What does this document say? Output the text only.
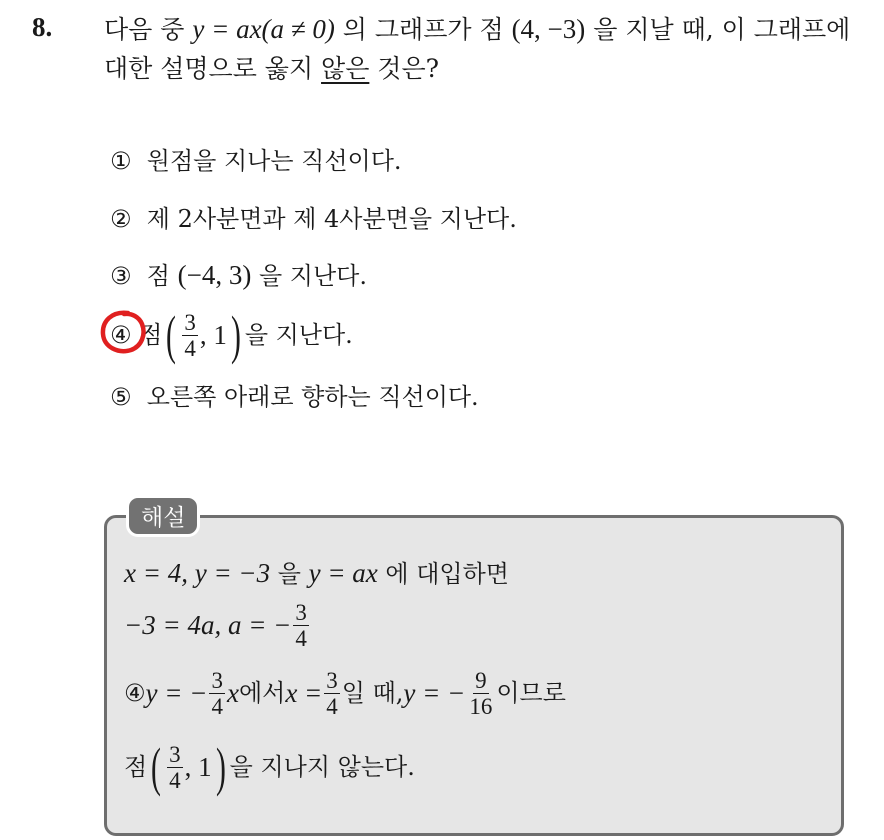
8. 다음 중 y = ax(a ≠ 0) 의 그래프가 점 (4, −3) 을 지날 때, 이 그래프에
대한 설명으로 옳지 않은 것은?
① 원점을 지나는 직선이다.
② 제 2사분면과 제 4사분면을 지난다.
③ 점 (−4, 3) 을 지난다.
④
점 ( $\frac{3}{4}$ , 1 ) 을 지난다.
⑤ 오른쪽 아래로 향하는 직선이다.
해설
x = 4, y = −3 을 y = ax 에 대입하면
−3 = 4a, a = − $\frac{3}{4}$
④ y = − $\frac{3}{4}$ x 에서 $x = \frac{3}{4}$ 일 때, y = − $\frac{9}{16}$ 이므로
점 ( $\frac{3}{4}$ , 1 ) 을 지나지 않는다.
